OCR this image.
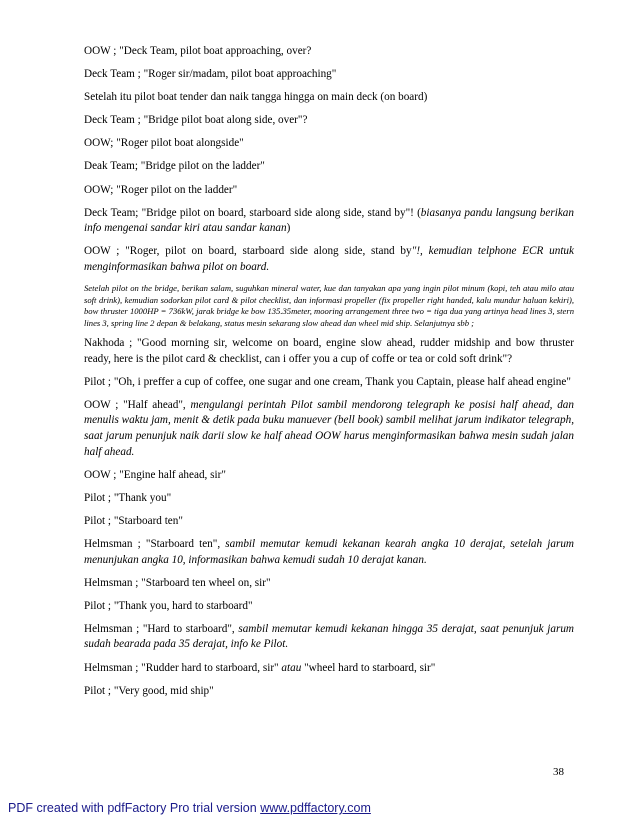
OOW ; "Deck Team, pilot boat approaching, over?

Deck Team ; "Roger sir/madam, pilot boat approaching"

Setelah itu pilot boat tender dan naik tangga hingga on main deck (on board)

Deck Team ; "Bridge pilot boat along side, over"?

OOW; "Roger pilot boat alongside"

Deak Team; "Bridge pilot on the ladder"

OOW; "Roger pilot on the ladder"

Deck Team; "Bridge pilot on board, starboard side along side, stand by"! (biasanya pandu langsung berikan info mengenai sandar kiri atau sandar kanan)

OOW ; "Roger, pilot on board, starboard side along side, stand by"!, kemudian telphone ECR untuk menginformasikan bahwa pilot on board.

Setelah pilot on the bridge, berikan salam, suguhkan mineral water, kue dan tanyakan apa yang ingin pilot minum (kopi, teh atau milo atau soft drink), kemudian sodorkan pilot card & pilot checklist, dan informasi propeller (fix propeller right handed, kalu mundur haluan kekiri), bow thruster 1000HP = 736kW, jarak bridge ke bow 135.35meter, mooring arrangement three two = tiga dua yang artinya head lines 3, stern lines 3, spring line 2 depan & belakang, status mesin sekarang slow ahead dan wheel mid ship. Selanjutnya sbb ;

Nakhoda ; "Good morning sir, welcome on board, engine slow ahead, rudder midship and bow thruster ready, here is the pilot card & checklist, can i offer you a cup of coffe or tea or cold soft drink"?

Pilot ; "Oh, i preffer a cup of coffee, one sugar and one cream, Thank you Captain, please half ahead engine"

OOW ; "Half ahead", mengulangi perintah Pilot sambil mendorong telegraph ke posisi half ahead, dan menulis waktu jam, menit & detik pada buku manuever (bell book) sambil melihat jarum indikator telegraph, saat jarum penunjuk naik darii slow ke half ahead OOW harus menginformasikan bahwa mesin sudah jalan half ahead.

OOW ; "Engine half ahead, sir"

Pilot ; "Thank you"

Pilot ; "Starboard ten"

Helmsman ; "Starboard ten", sambil memutar kemudi kekanan kearah angka 10 derajat, setelah jarum menunjukan angka 10, informasikan bahwa kemudi sudah 10 derajat kanan.

Helmsman ; "Starboard ten wheel on, sir"

Pilot ; "Thank you, hard to starboard"

Helmsman ; "Hard to starboard", sambil memutar kemudi kekanan hingga 35 derajat, saat penunjuk jarum sudah bearada pada 35 derajat, info ke Pilot.

Helmsman ; "Rudder hard to starboard, sir" atau "wheel hard to starboard, sir"

Pilot ; "Very good, mid ship"

38
PDF created with pdfFactory Pro trial version www.pdffactory.com
